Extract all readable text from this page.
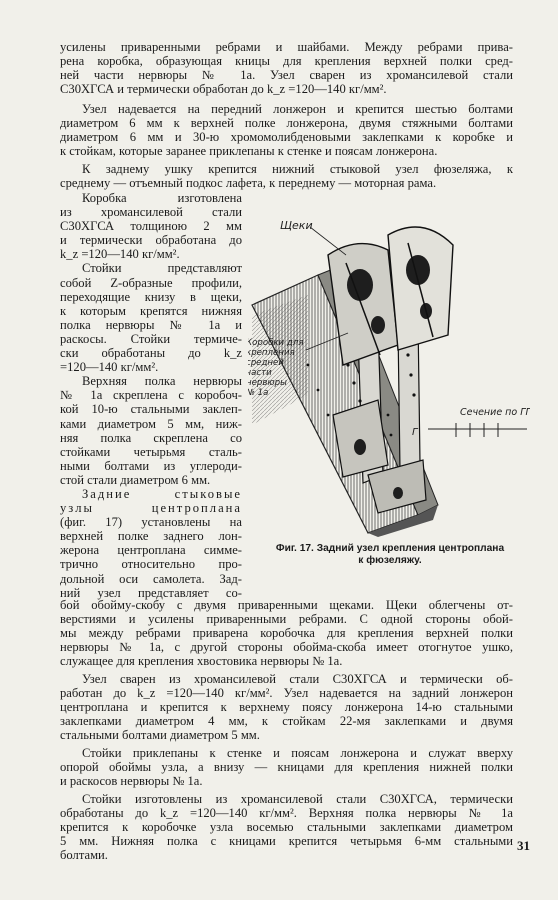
усилены приваренными ребрами и шайбами. Между ребрами прива-
рена коробка, образующая кницы для крепления верхней полки сред-
ней части нервюры № 1а. Узел сварен из хромансилевой стали
С30ХГСА и термически обработан до k_z =120—140 кг/мм².
Узел надевается на передний лонжерон и крепится шестью болтами
диаметром 6 мм к верхней полке лонжерона, двумя стяжными болтами
диаметром 6 мм и 30-ю хромомолибденовыми заклепками к коробке и
к стойкам, которые заранее приклепаны к стенке и поясам лонжерона.
К заднему ушку крепится нижний стыковой узел фюзеляжа, к
среднему — отъемный подкос лафета, к переднему — моторная рама.
Коробка изготовлена
из хромансилевой стали
С30ХГСА толщиною 2 мм
и термически обработана до
k_z =120—140 кг/мм².
Стойки представляют
собой Z-образные профили,
переходящие книзу в щеки,
к которым крепятся нижняя
полка нервюры № 1а и
раскосы. Стойки термиче-
ски обработаны до k_z
=120—140 кг/мм².
Верхняя полка нервюры
№ 1а скреплена с коробоч-
кой 10-ю стальными заклеп-
ками диаметром 5 мм, ниж-
няя полка скреплена со
стойками четырьмя сталь-
ными болтами из углероди-
стой стали диаметром 6 мм.
Задние стыковые
узлы центроплана
(фиг. 17) установлены на
верхней полке заднего лон-
жерона центроплана симме-
трично относительно про-
дольной оси самолета. Зад-
ний узел представляет со-
Щеки
Коробки для
крепления
средней
части
нервюры
№ 1а
Сечение по ГГ
Г
Фиг. 17. Задний узел крепления центроплана
к фюзеляжу.
бой обойму-скобу с двумя приваренными щеками. Щеки облегчены от-
верстиями и усилены приваренными ребрами. С одной стороны обой-
мы между ребрами приварена коробочка для крепления верхней полки
нервюры № 1а, с другой стороны обойма-скоба имеет отогнутое ушко,
служащее для крепления хвостовика нервюры № 1а.
Узел сварен из хромансилевой стали С30ХГСА и термически об-
работан до k_z =120—140 кг/мм². Узел надевается на задний лонжерон
центроплана и крепится к верхнему поясу лонжерона 14-ю стальными
заклепками диаметром 4 мм, к стойкам 22-мя заклепками и двумя
стальными болтами диаметром 5 мм.
Стойки приклепаны к стенке и поясам лонжерона и служат вверху
опорой обоймы узла, а внизу — кницами для крепления нижней полки
и раскосов нервюры № 1а.
Стойки изготовлены из хромансилевой стали С30ХГСА, термически
обработаны до k_z =120—140 кг/мм². Верхняя полка нервюры № 1а
крепится к коробочке узла восемью стальными заклепками диаметром
5 мм. Нижняя полка с кницами крепится четырьмя 6-мм стальными
болтами.
31
